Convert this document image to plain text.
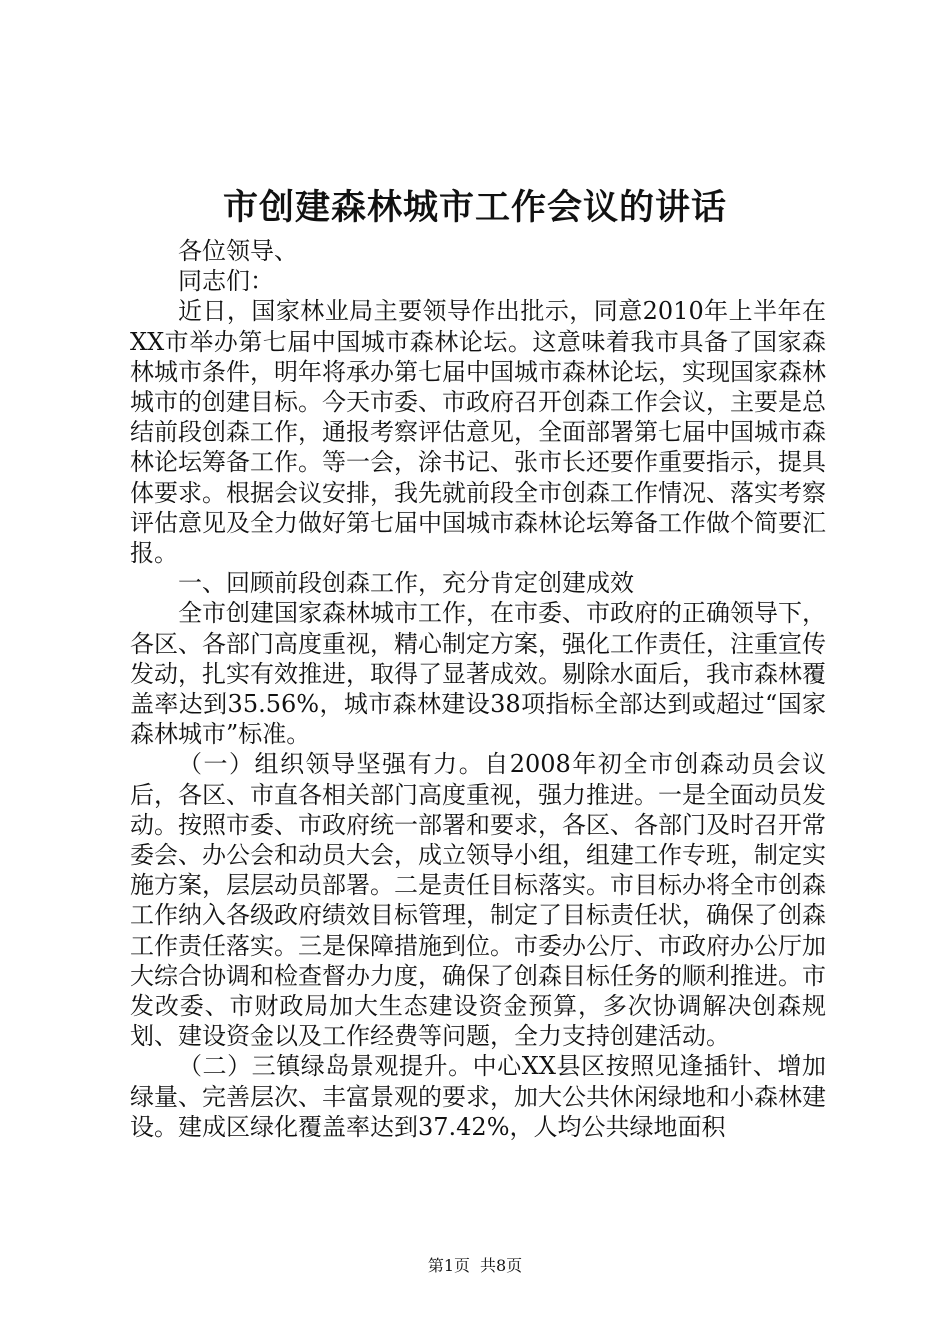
市创建森林城市工作会议的讲话

各位领导、

同志们：

近日，国家林业局主要领导作出批示，同意2010年上半年在XX市举办第七届中国城市森林论坛。这意味着我市具备了国家森林城市条件，明年将承办第七届中国城市森林论坛，实现国家森林城市的创建目标。今天市委、市政府召开创森工作会议，主要是总结前段创森工作，通报考察评估意见，全面部署第七届中国城市森林论坛筹备工作。等一会，涂书记、张市长还要作重要指示，提具体要求。根据会议安排，我先就前段全市创森工作情况、落实考察评估意见及全力做好第七届中国城市森林论坛筹备工作做个简要汇报。

一、回顾前段创森工作，充分肯定创建成效

全市创建国家森林城市工作，在市委、市政府的正确领导下，各区、各部门高度重视，精心制定方案，强化工作责任，注重宣传发动，扎实有效推进，取得了显著成效。剔除水面后，我市森林覆盖率达到35.56%，城市森林建设38项指标全部达到或超过“国家森林城市”标准。

（一）组织领导坚强有力。自2008年初全市创森动员会议后，各区、市直各相关部门高度重视，强力推进。一是全面动员发动。按照市委、市政府统一部署和要求，各区、各部门及时召开常委会、办公会和动员大会，成立领导小组，组建工作专班，制定实施方案，层层动员部署。二是责任目标落实。市目标办将全市创森工作纳入各级政府绩效目标管理，制定了目标责任状，确保了创森工作责任落实。三是保障措施到位。市委办公厅、市政府办公厅加大综合协调和检查督办力度，确保了创森目标任务的顺利推进。市发改委、市财政局加大生态建设资金预算，多次协调解决创森规划、建设资金以及工作经费等问题，全力支持创建活动。

（二）三镇绿岛景观提升。中心XX县区按照见逢插针、增加绿量、完善层次、丰富景观的要求，加大公共休闲绿地和小森林建设。建成区绿化覆盖率达到37.42%，人均公共绿地面积

第1页 共8页
